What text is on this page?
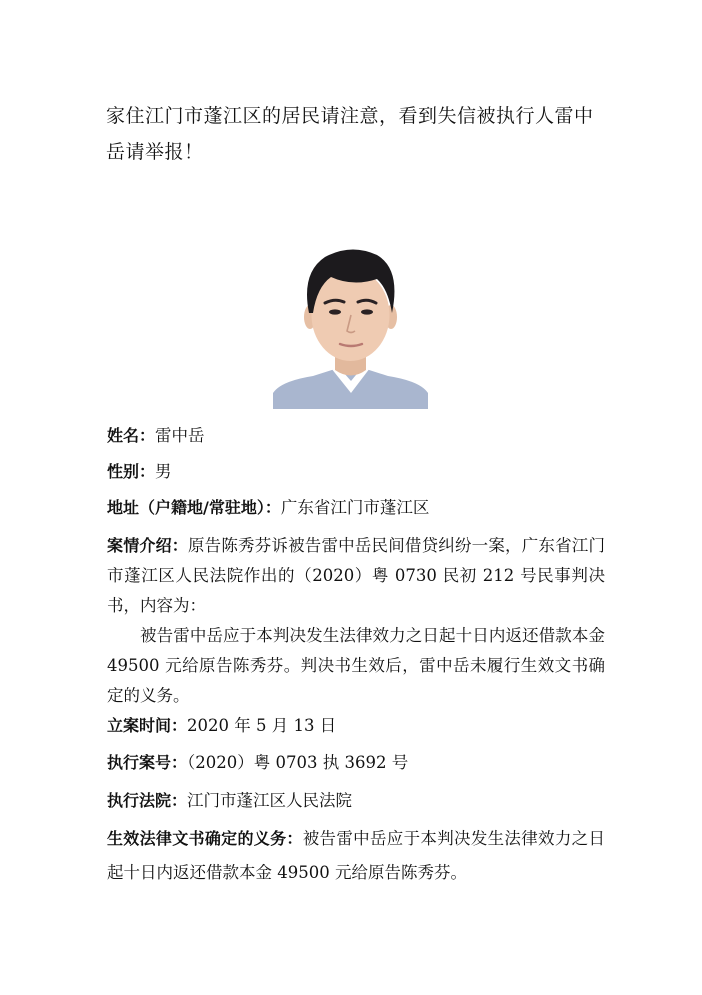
家住江门市蓬江区的居民请注意，看到失信被执行人雷中岳请举报！
姓名：雷中岳
性别：男
地址（户籍地/常驻地）：广东省江门市蓬江区
案情介绍：原告陈秀芬诉被告雷中岳民间借贷纠纷一案，广东省江门市蓬江区人民法院作出的（2020）粤 0730 民初 212 号民事判决书，内容为：
被告雷中岳应于本判决发生法律效力之日起十日内返还借款本金 49500 元给原告陈秀芬。判决书生效后，雷中岳未履行生效文书确定的义务。
立案时间：2020 年 5 月 13 日
执行案号：（2020）粤 0703 执 3692 号
执行法院：江门市蓬江区人民法院
生效法律文书确定的义务：被告雷中岳应于本判决发生法律效力之日起十日内返还借款本金 49500 元给原告陈秀芬。
